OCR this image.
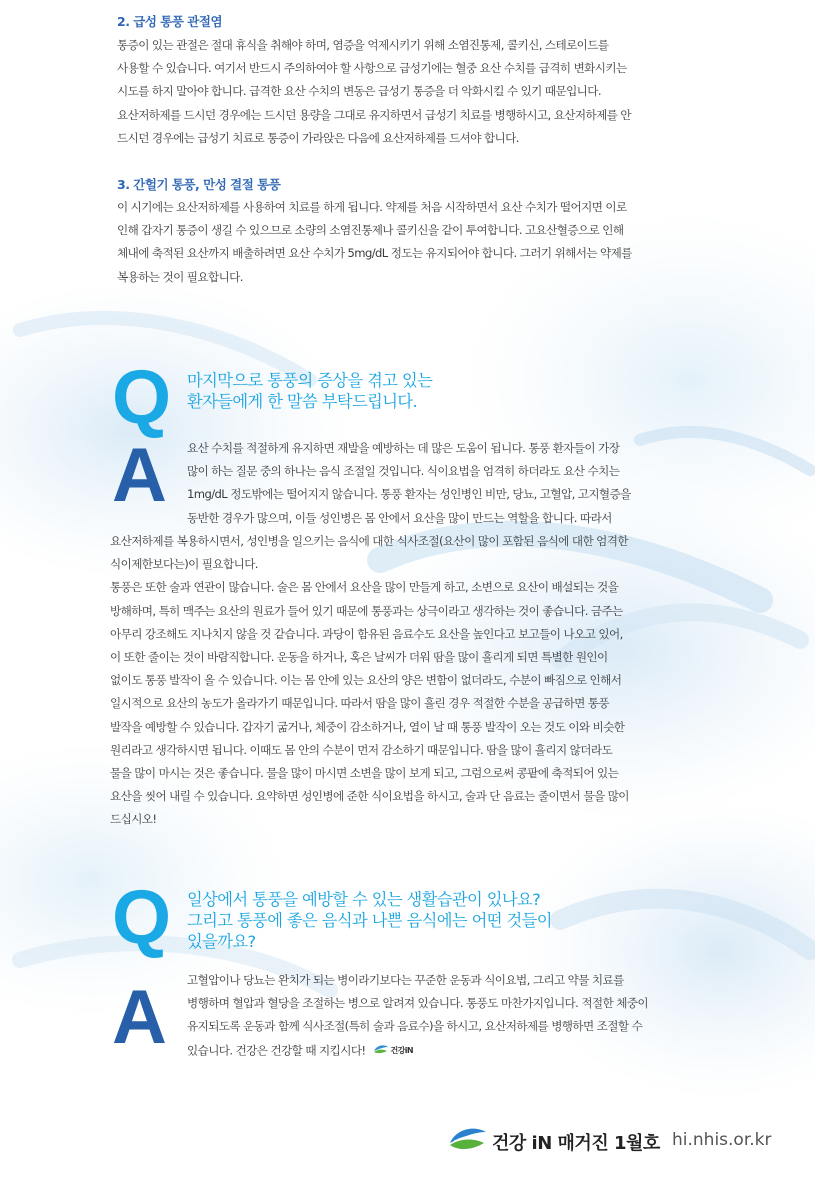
2. 급성 통풍 관절염
통증이 있는 관절은 절대 휴식을 취해야 하며, 염증을 억제시키기 위해 소염진통제, 콜키신, 스테로이드를
사용할 수 있습니다. 여기서 반드시 주의하여야 할 사항으로 급성기에는 혈중 요산 수치를 급격히 변화시키는
시도를 하지 말아야 합니다. 급격한 요산 수치의 변동은 급성기 통증을 더 악화시킬 수 있기 때문입니다.
요산저하제를 드시던 경우에는 드시던 용량을 그대로 유지하면서 급성기 치료를 병행하시고, 요산저하제를 안
드시던 경우에는 급성기 치료로 통증이 가라앉은 다음에 요산저하제를 드셔야 합니다.
3. 간헐기 통풍, 만성 결절 통풍
이 시기에는 요산저하제를 사용하여 치료를 하게 됩니다. 약제를 처음 시작하면서 요산 수치가 떨어지면 이로
인해 갑자기 통증이 생길 수 있으므로 소량의 소염진통제나 콜키신을 같이 투여합니다. 고요산혈증으로 인해
체내에 축적된 요산까지 배출하려면 요산 수치가 5mg/dL 정도는 유지되어야 합니다. 그러기 위해서는 약제를
복용하는 것이 필요합니다.
Q 마지막으로 통풍의 증상을 겪고 있는
환자들에게 한 말씀 부탁드립니다.
A 요산 수치를 적절하게 유지하면 재발을 예방하는 데 많은 도움이 됩니다. 통풍 환자들이 가장
많이 하는 질문 중의 하나는 음식 조절일 것입니다. 식이요법을 엄격히 하더라도 요산 수치는
1mg/dL 정도밖에는 떨어지지 않습니다. 통풍 환자는 성인병인 비만, 당뇨, 고혈압, 고지혈증을
동반한 경우가 많으며, 이들 성인병은 몸 안에서 요산을 많이 만드는 역할을 합니다. 따라서
요산저하제를 복용하시면서, 성인병을 일으키는 음식에 대한 식사조절(요산이 많이 포함된 음식에 대한 엄격한
식이제한보다는)이 필요합니다.
통풍은 또한 술과 연관이 많습니다. 술은 몸 안에서 요산을 많이 만들게 하고, 소변으로 요산이 배설되는 것을
방해하며, 특히 맥주는 요산의 원료가 들어 있기 때문에 통풍과는 상극이라고 생각하는 것이 좋습니다. 금주는
아무리 강조해도 지나치지 않을 것 같습니다. 과당이 함유된 음료수도 요산을 높인다고 보고들이 나오고 있어,
이 또한 줄이는 것이 바람직합니다. 운동을 하거나, 혹은 날씨가 더워 땀을 많이 흘리게 되면 특별한 원인이
없이도 통풍 발작이 올 수 있습니다. 이는 몸 안에 있는 요산의 양은 변함이 없더라도, 수분이 빠짐으로 인해서
일시적으로 요산의 농도가 올라가기 때문입니다. 따라서 땀을 많이 흘린 경우 적절한 수분을 공급하면 통풍
발작을 예방할 수 있습니다. 갑자기 굶거나, 체중이 감소하거나, 열이 날 때 통풍 발작이 오는 것도 이와 비슷한
원리라고 생각하시면 됩니다. 이때도 몸 안의 수분이 먼저 감소하기 때문입니다. 땀을 많이 흘리지 않더라도
물을 많이 마시는 것은 좋습니다. 물을 많이 마시면 소변을 많이 보게 되고, 그럼으로써 콩팥에 축적되어 있는
요산을 씻어 내릴 수 있습니다. 요약하면 성인병에 준한 식이요법을 하시고, 술과 단 음료는 줄이면서 물을 많이
드십시오!
Q 일상에서 통풍을 예방할 수 있는 생활습관이 있나요?
그리고 통풍에 좋은 음식과 나쁜 음식에는 어떤 것들이
있을까요?
A 고혈압이나 당뇨는 완치가 되는 병이라기보다는 꾸준한 운동과 식이요법, 그리고 약물 치료를
병행하며 혈압과 혈당을 조절하는 병으로 알려져 있습니다. 통풍도 마찬가지입니다. 적절한 체중이
유지되도록 운동과 함께 식사조절(특히 술과 음료수)을 하시고, 요산저하제를 병행하면 조절할 수
있습니다. 건강은 건강할 때 지킵시다!	건강iN
건강 iN 매거진 1월호 hi.nhis.or.kr
